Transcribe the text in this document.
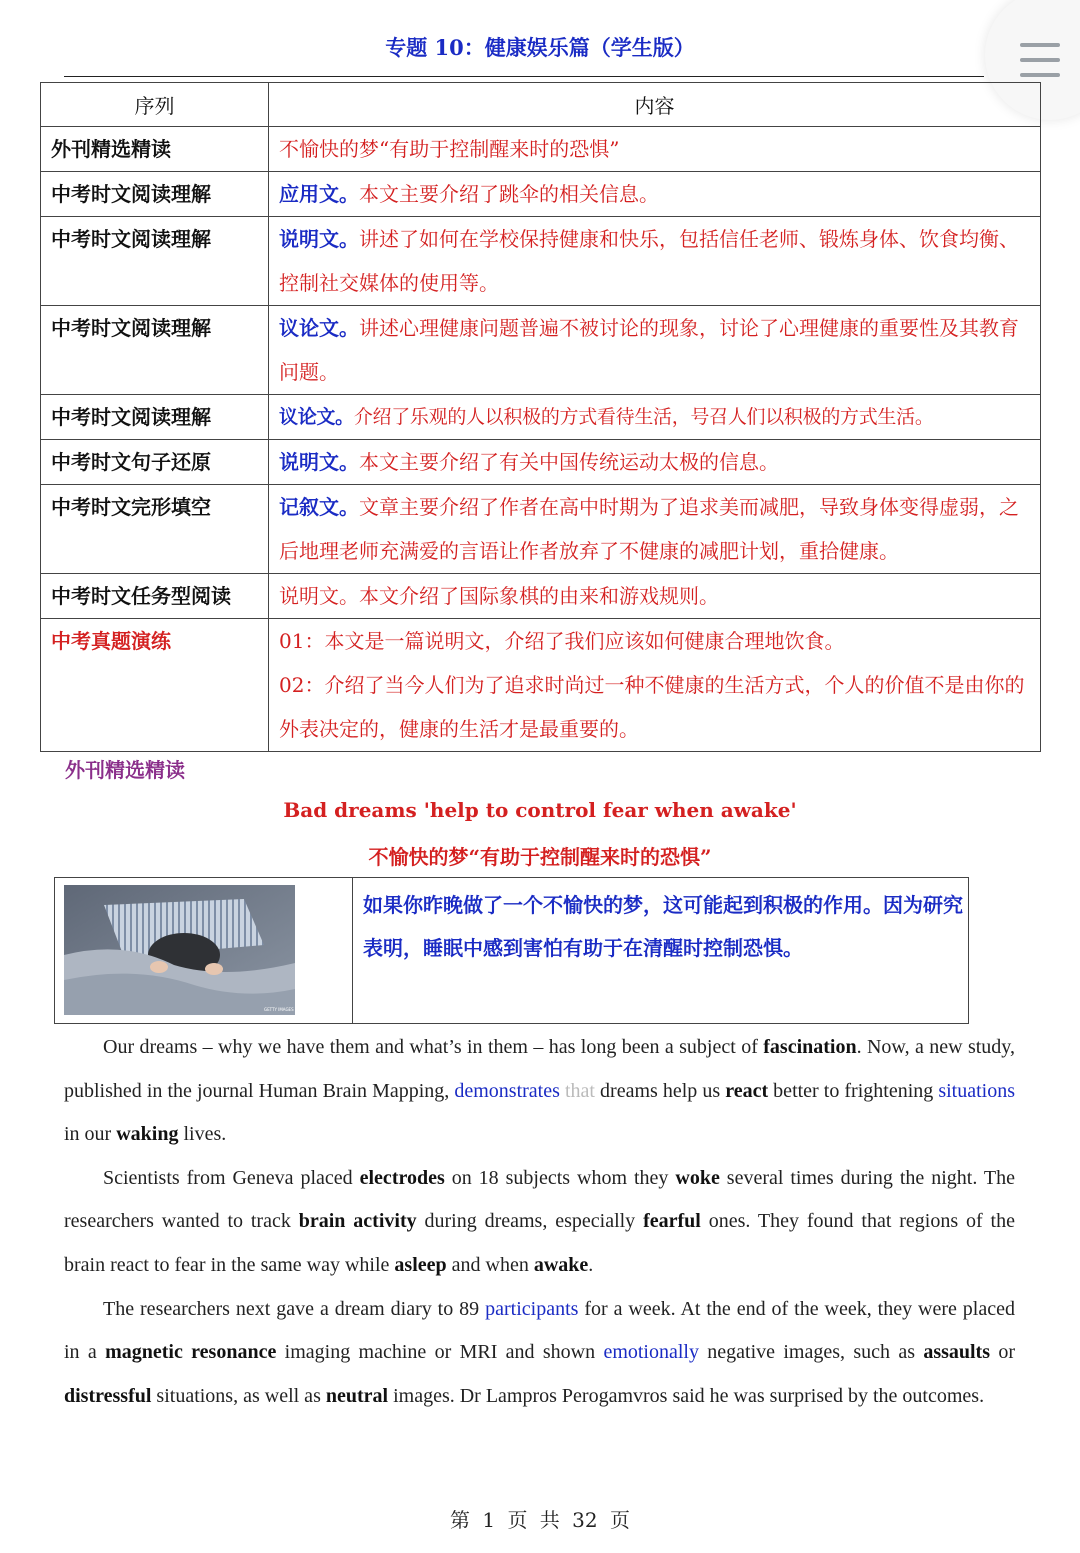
专题 10：健康娱乐篇（学生版）
序列	内容
外刊精选精读	不愉快的梦“有助于控制醒来时的恐惧”
中考时文阅读理解	应用文。本文主要介绍了跳伞的相关信息。
中考时文阅读理解	说明文。讲述了如何在学校保持健康和快乐，包括信任老师、锻炼身体、饮食均衡、控制社交媒体的使用等。
中考时文阅读理解	议论文。讲述心理健康问题普遍不被讨论的现象，讨论了心理健康的重要性及其教育问题。
中考时文阅读理解	议论文。介绍了乐观的人以积极的方式看待生活，号召人们以积极的方式生活。
中考时文句子还原	说明文。本文主要介绍了有关中国传统运动太极的信息。
中考时文完形填空	记叙文。文章主要介绍了作者在高中时期为了追求美而减肥，导致身体变得虚弱，之后地理老师充满爱的言语让作者放弃了不健康的减肥计划，重拾健康。
中考时文任务型阅读	说明文。本文介绍了国际象棋的由来和游戏规则。
中考真题演练	01：本文是一篇说明文，介绍了我们应该如何健康合理地饮食。
02：介绍了当今人们为了追求时尚过一种不健康的生活方式，个人的价值不是由你的外表决定的，健康的生活才是最重要的。
外刊精选精读
Bad dreams 'help to control fear when awake'
不愉快的梦“有助于控制醒来时的恐惧”
GETTY IMAGES
如果你昨晚做了一个不愉快的梦，这可能起到积极的作用。因为研究表明，睡眠中感到害怕有助于在清醒时控制恐惧。

Our dreams – why we have them and what’s in them – has long been a subject of fascination. Now, a new study, published in the journal Human Brain Mapping, demonstrates that dreams help us react better to frightening situations in our waking lives.

Scientists from Geneva placed electrodes on 18 subjects whom they woke several times during the night. The researchers wanted to track brain activity during dreams, especially fearful ones. They found that regions of the brain react to fear in the same way while asleep and when awake.

The researchers next gave a dream diary to 89 participants for a week. At the end of the week, they were placed in a magnetic resonance imaging machine or MRI and shown emotionally negative images, such as assaults or distressful situations, as well as neutral images. Dr Lampros Perogamvros said he was surprised by the outcomes.

第 1 页 共 32 页
